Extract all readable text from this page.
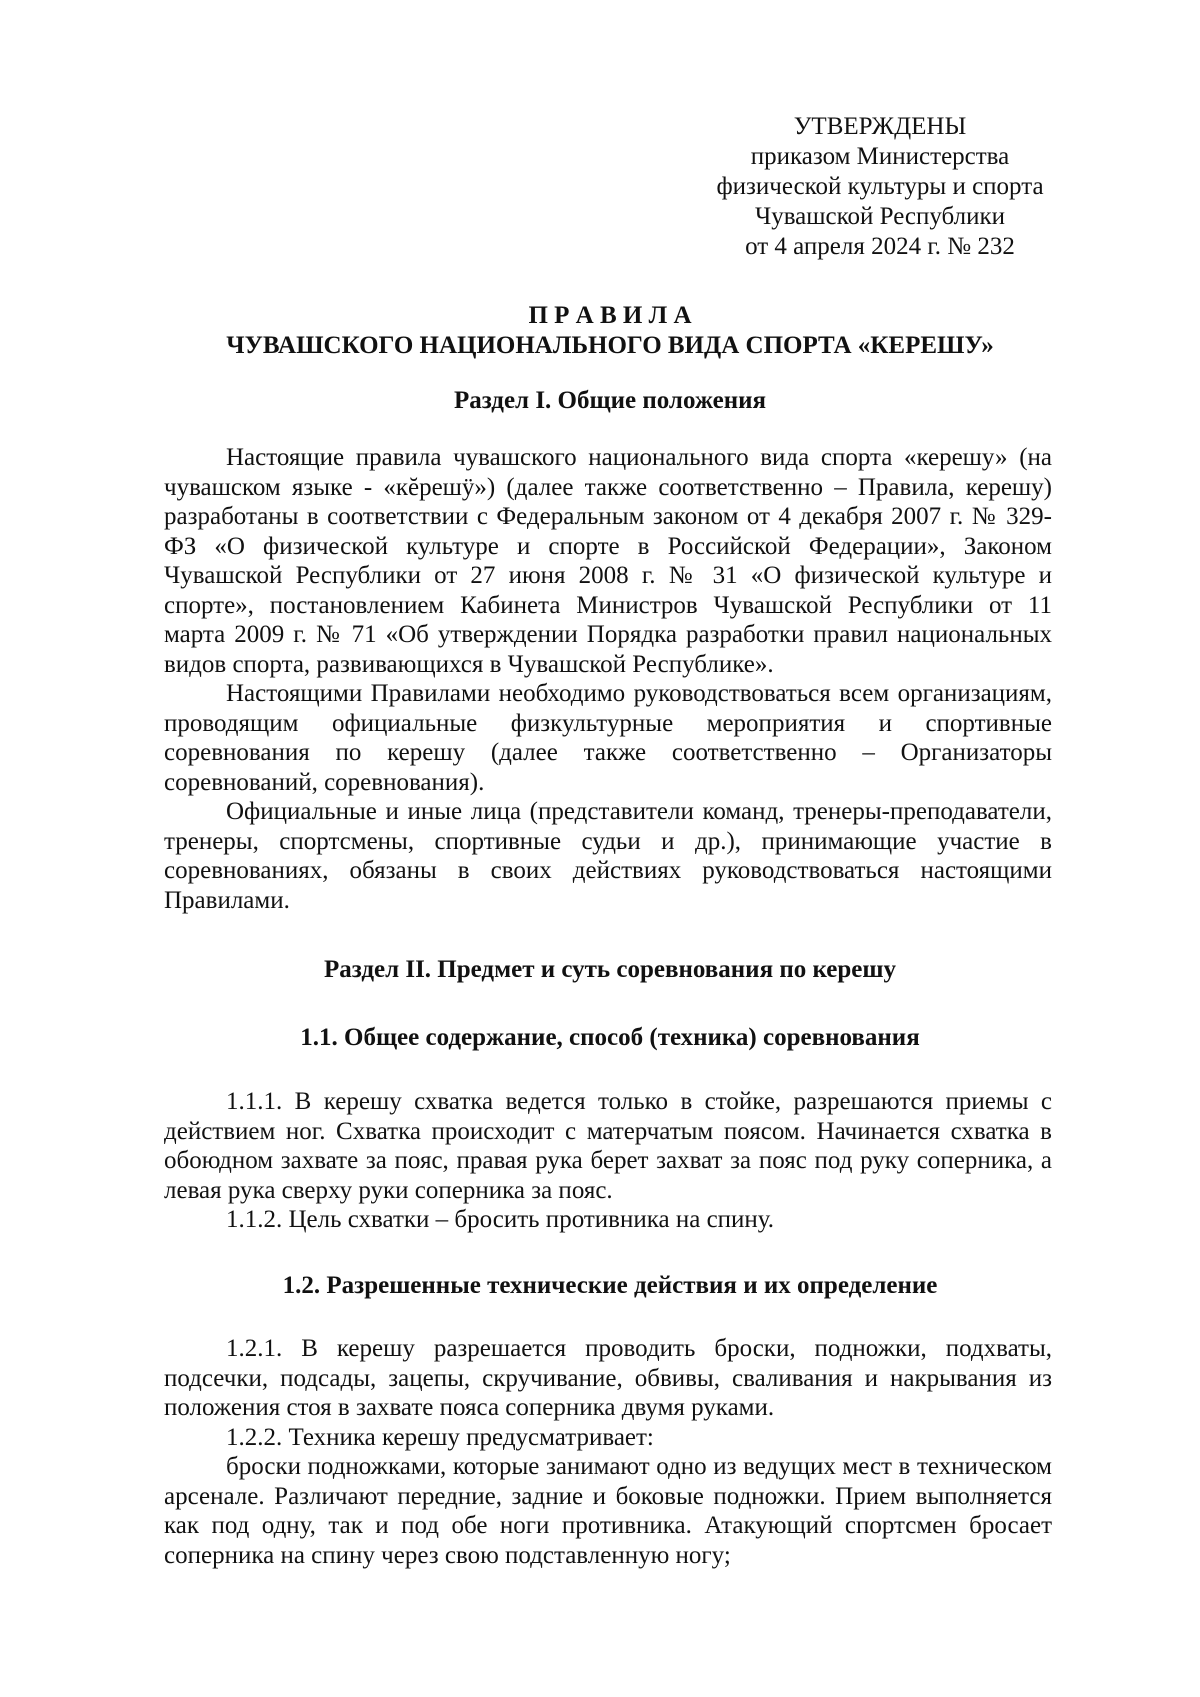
УТВЕРЖДЕНЫ
приказом Министерства
физической культуры и спорта
Чувашской Республики
от 4 апреля 2024 г. № 232
П Р А В И Л А
ЧУВАШСКОГО НАЦИОНАЛЬНОГО ВИДА СПОРТА «КЕРЕШУ»
Раздел I. Общие положения

Настоящие правила чувашского национального вида спорта «керешу» (на чувашском языке - «кĕрешÿ») (далее также соответственно – Правила, керешу) разработаны в соответствии с Федеральным законом от 4 декабря 2007 г. № 329-ФЗ «О физической культуре и спорте в Российской Федерации», Законом Чувашской Республики от 27 июня 2008 г. № 31 «О физической культуре и спорте», постановлением Кабинета Министров Чувашской Республики от 11 марта 2009 г. № 71 «Об утверждении Порядка разработки правил национальных видов спорта, развивающихся в Чувашской Республике».

Настоящими Правилами необходимо руководствоваться всем организациям, проводящим официальные физкультурные мероприятия и спортивные соревнования по керешу (далее также соответственно – Организаторы соревнований, соревнования).

Официальные и иные лица (представители команд, тренеры-преподаватели, тренеры, спортсмены, спортивные судьи и др.), принимающие участие в соревнованиях, обязаны в своих действиях руководствоваться настоящими Правилами.

Раздел II. Предмет и суть соревнования по керешу
1.1. Общее содержание, способ (техника) соревнования

1.1.1. В керешу схватка ведется только в стойке, разрешаются приемы с действием ног. Схватка происходит с матерчатым поясом. Начинается схватка в обоюдном захвате за пояс, правая рука берет захват за пояс под руку соперника, а левая рука сверху руки соперника за пояс.

1.1.2. Цель схватки – бросить противника на спину.

1.2. Разрешенные технические действия и их определение

1.2.1. В керешу разрешается проводить броски, подножки, подхваты, подсечки, подсады, зацепы, скручивание, обвивы, сваливания и накрывания из положения стоя в захвате пояса соперника двумя руками.

1.2.2. Техника керешу предусматривает:

броски подножками, которые занимают одно из ведущих мест в техническом арсенале. Различают передние, задние и боковые подножки. Прием выполняется как под одну, так и под обе ноги противника. Атакующий спортсмен бросает соперника на спину через свою подставленную ногу;
